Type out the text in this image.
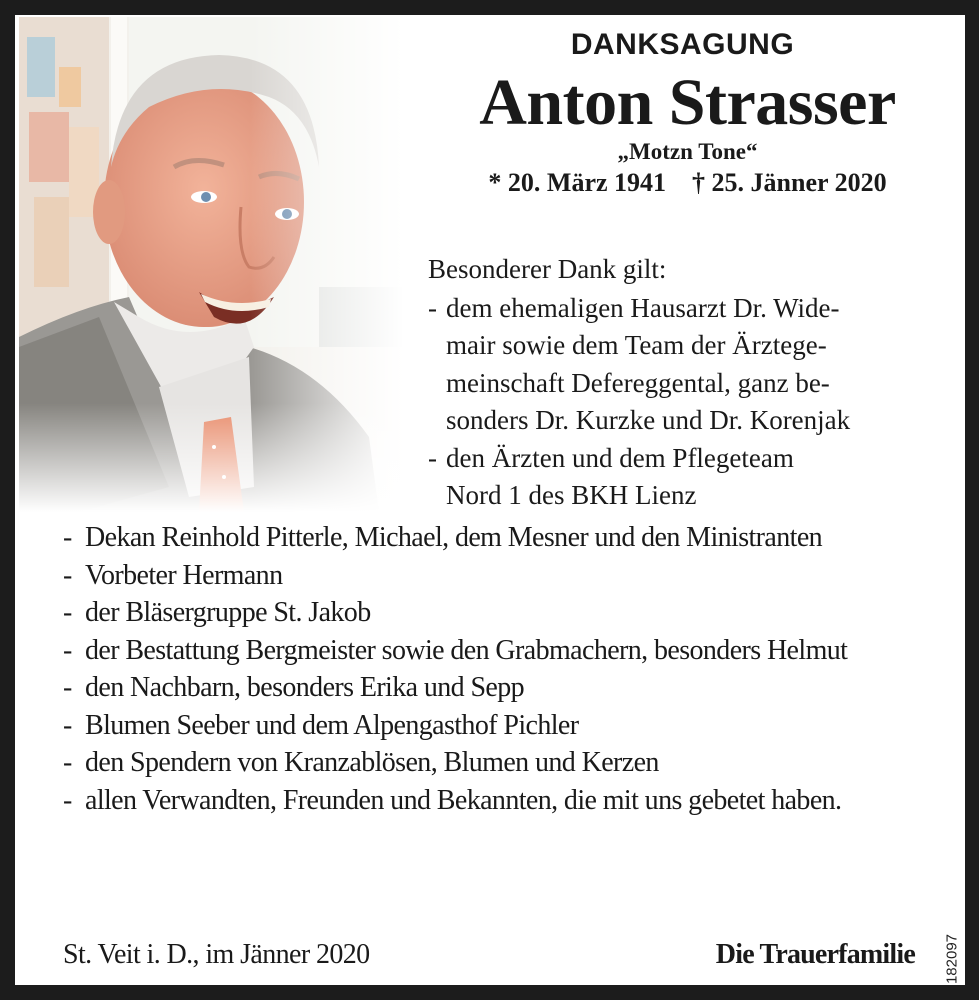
DANKSAGUNG
Anton Strasser
„Motzn Tone“
* 20. März 1941 † 25. Jänner 2020
Besonderer Dank gilt:
- dem ehemaligen Hausarzt Dr. Wide-
mair sowie dem Team der Ärztege-
meinschaft Defereggental, ganz be-
sonders Dr. Kurzke und Dr. Korenjak
- den Ärzten und dem Pflegeteam
Nord 1 des BKH Lienz
- Dekan Reinhold Pitterle, Michael, dem Mesner und den Ministranten
- Vorbeter Hermann
- der Bläsergruppe St. Jakob
- der Bestattung Bergmeister sowie den Grabmachern, besonders Helmut
- den Nachbarn, besonders Erika und Sepp
- Blumen Seeber und dem Alpengasthof Pichler
- den Spendern von Kranzablösen, Blumen und Kerzen
- allen Verwandten, Freunden und Bekannten, die mit uns gebetet haben.
St. Veit i. D., im Jänner 2020	Die Trauerfamilie 182097
